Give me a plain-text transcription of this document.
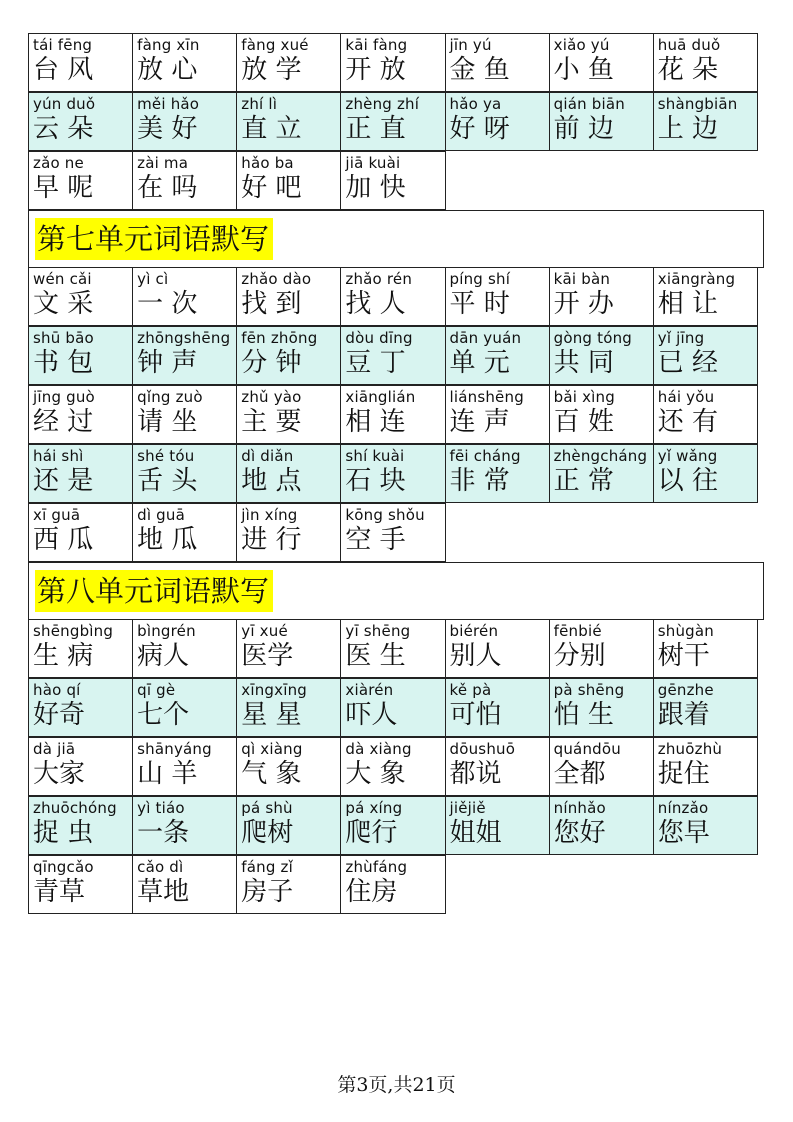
tái fēng
台 风
fàng xīn
放 心
fàng xué
放 学
kāi fàng
开 放
jīn yú
金 鱼
xiǎo yú
小 鱼
huā duǒ
花 朵
yún duǒ
云 朵
měi hǎo
美 好
zhí lì
直 立
zhèng zhí
正 直
hǎo ya
好 呀
qián biān
前 边
shàngbiān
上 边
zǎo ne
早 呢
zài ma
在 吗
hǎo ba
好 吧
jiā kuài
加 快
第七单元词语默写
wén cǎi
文 采
yì cì
一 次
zhǎo dào
找 到
zhǎo rén
找 人
píng shí
平 时
kāi bàn
开 办
xiāngràng
相 让
shū bāo
书 包
zhōngshēng
钟 声
fēn zhōng
分 钟
dòu dīng
豆 丁
dān yuán
单 元
gòng tóng
共 同
yǐ jīng
已 经
jīng guò
经 过
qǐng zuò
请 坐
zhǔ yào
主 要
xiānglián
相 连
liánshēng
连 声
bǎi xìng
百 姓
hái yǒu
还 有
hái shì
还 是
shé tóu
舌 头
dì diǎn
地 点
shí kuài
石 块
fēi cháng
非 常
zhèngcháng
正 常
yǐ wǎng
以 往
xī guā
西 瓜
dì guā
地 瓜
jìn xíng
进 行
kōng shǒu
空 手
第八单元词语默写
shēngbìng
生 病
bìngrén
病人
yī xué
医学
yī shēng
医 生
biérén
别人
fēnbié
分别
shùgàn
树干
hào qí
好奇
qī gè
七个
xīngxīng
星 星
xiàrén
吓人
kě pà
可怕
pà shēng
怕 生
gēnzhe
跟着
dà jiā
大家
shānyáng
山 羊
qì xiàng
气 象
dà xiàng
大 象
dōushuō
都说
quándōu
全都
zhuōzhù
捉住
zhuōchóng
捉 虫
yì tiáo
一条
pá shù
爬树
pá xíng
爬行
jiějiě
姐姐
nínhǎo
您好
nínzǎo
您早
qīngcǎo
青草
cǎo dì
草地
fáng zǐ
房子
zhùfáng
住房
第3页,共21页
